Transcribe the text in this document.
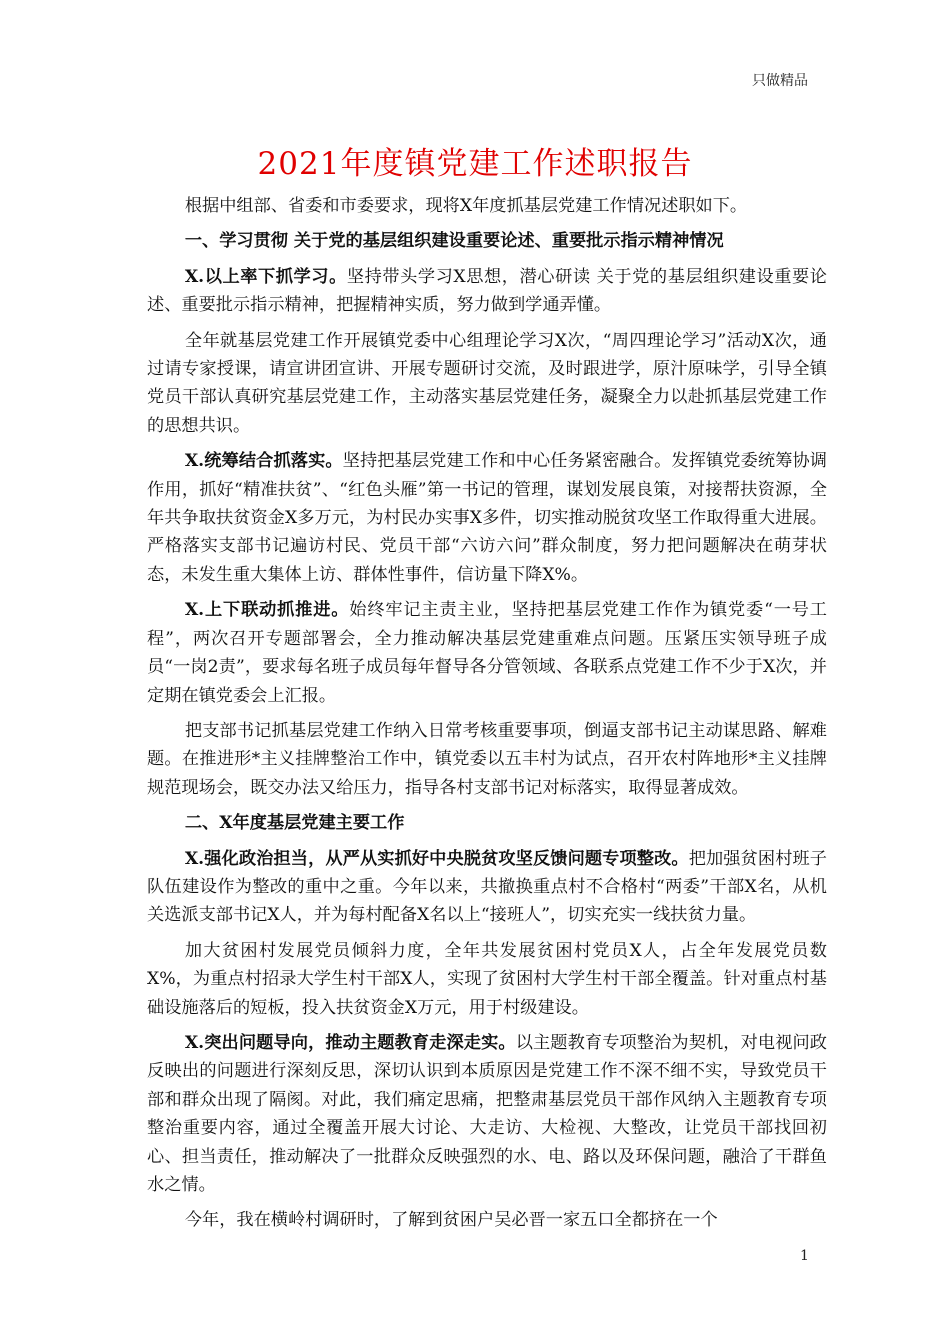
只做精品
2021年度镇党建工作述职报告

根据中组部、省委和市委要求，现将X年度抓基层党建工作情况述职如下。

一、学习贯彻 关于党的基层组织建设重要论述、重要批示指示精神情况

X.以上率下抓学习。坚持带头学习X思想，潜心研读 关于党的基层组织建设重要论述、重要批示指示精神，把握精神实质，努力做到学通弄懂。

全年就基层党建工作开展镇党委中心组理论学习X次，“周四理论学习”活动X次，通过请专家授课，请宣讲团宣讲、开展专题研讨交流，及时跟进学，原汁原味学，引导全镇党员干部认真研究基层党建工作，主动落实基层党建任务，凝聚全力以赴抓基层党建工作的思想共识。

X.统筹结合抓落实。坚持把基层党建工作和中心任务紧密融合。发挥镇党委统筹协调作用，抓好“精准扶贫”、“红色头雁”第一书记的管理，谋划发展良策，对接帮扶资源，全年共争取扶贫资金X多万元，为村民办实事X多件，切实推动脱贫攻坚工作取得重大进展。严格落实支部书记遍访村民、党员干部“六访六问”群众制度，努力把问题解决在萌芽状态，未发生重大集体上访、群体性事件，信访量下降X%。

X.上下联动抓推进。始终牢记主责主业，坚持把基层党建工作作为镇党委“一号工程”，两次召开专题部署会，全力推动解决基层党建重难点问题。压紧压实领导班子成员“一岗2责”，要求每名班子成员每年督导各分管领域、各联系点党建工作不少于X次，并定期在镇党委会上汇报。

把支部书记抓基层党建工作纳入日常考核重要事项，倒逼支部书记主动谋思路、解难题。在推进形*主义挂牌整治工作中，镇党委以五丰村为试点，召开农村阵地形*主义挂牌规范现场会，既交办法又给压力，指导各村支部书记对标落实，取得显著成效。

二、X年度基层党建主要工作

X.强化政治担当，从严从实抓好中央脱贫攻坚反馈问题专项整改。把加强贫困村班子队伍建设作为整改的重中之重。今年以来，共撤换重点村不合格村“两委”干部X名，从机关选派支部书记X人，并为每村配备X名以上“接班人”，切实充实一线扶贫力量。

加大贫困村发展党员倾斜力度，全年共发展贫困村党员X人，占全年发展党员数X%，为重点村招录大学生村干部X人，实现了贫困村大学生村干部全覆盖。针对重点村基础设施落后的短板，投入扶贫资金X万元，用于村级建设。

X.突出问题导向，推动主题教育走深走实。以主题教育专项整治为契机，对电视问政反映出的问题进行深刻反思，深切认识到本质原因是党建工作不深不细不实，导致党员干部和群众出现了隔阂。对此，我们痛定思痛，把整肃基层党员干部作风纳入主题教育专项整治重要内容，通过全覆盖开展大讨论、大走访、大检视、大整改，让党员干部找回初心、担当责任，推动解决了一批群众反映强烈的水、电、路以及环保问题，融洽了干群鱼水之情。

今年，我在横岭村调研时，了解到贫困户吴必晋一家五口全都挤在一个

1
